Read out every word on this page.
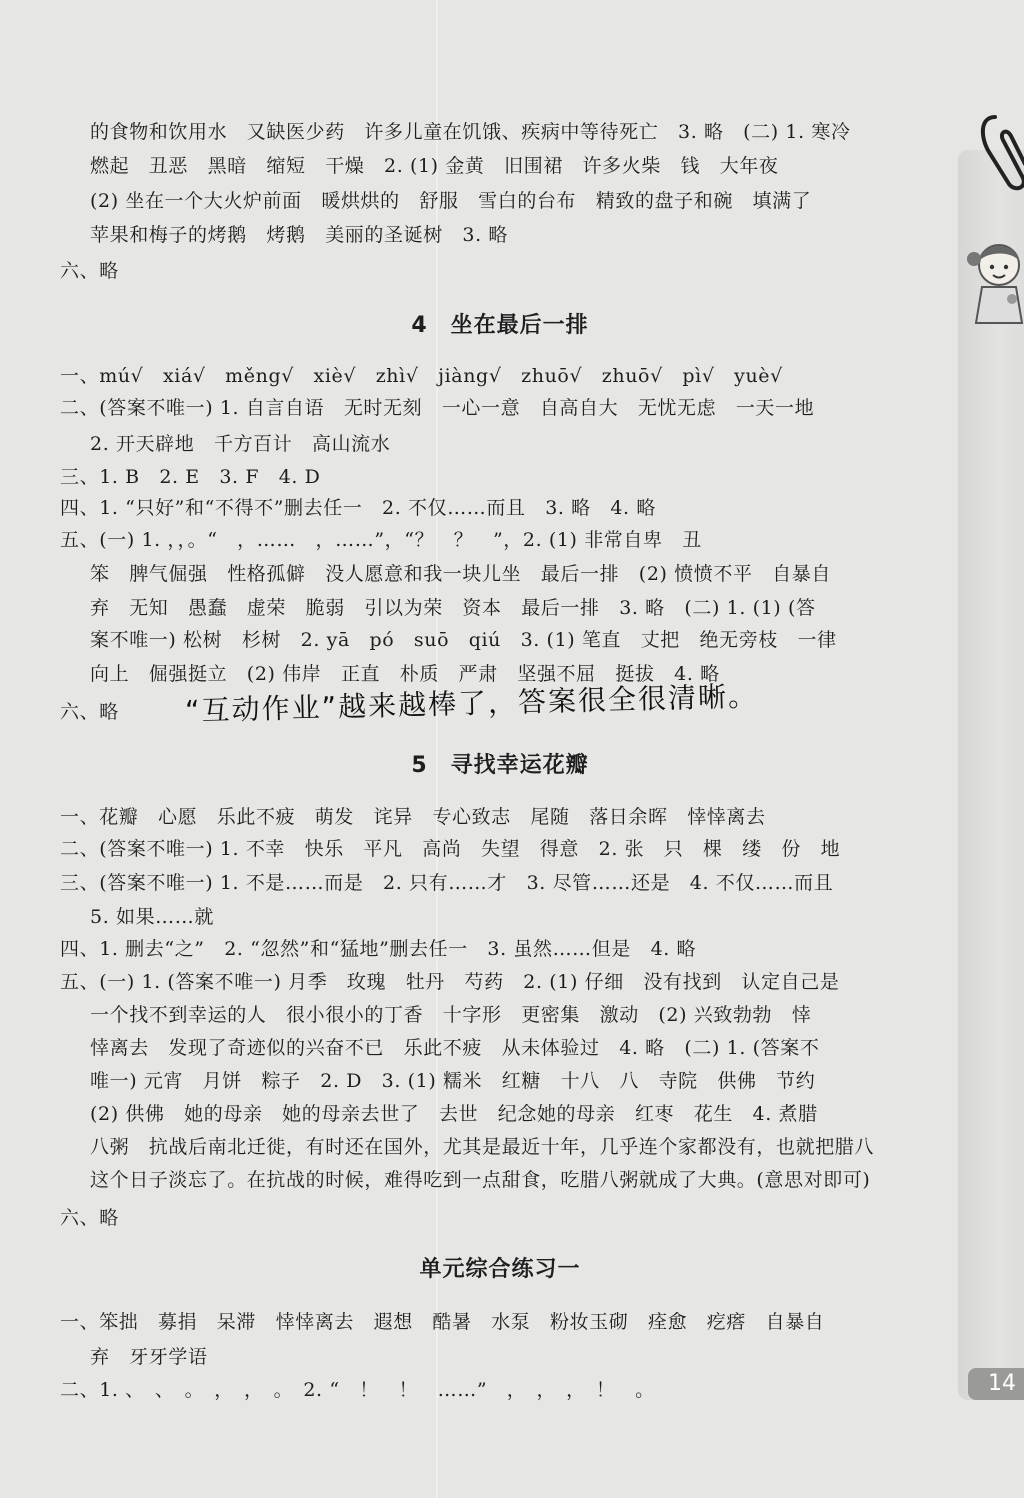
的食物和饮用水　又缺医少药　许多儿童在饥饿、疾病中等待死亡　3. 略　(二) 1. 寒冷
燃起　丑恶　黑暗　缩短　干燥　2. (1) 金黄　旧围裙　许多火柴　钱　大年夜
(2) 坐在一个大火炉前面　暖烘烘的　舒服　雪白的台布　精致的盘子和碗　填满了
苹果和梅子的烤鹅　烤鹅　美丽的圣诞树　3. 略
六、略
4　坐在最后一排
一、mú√　xiá√　měng√　xiè√　zhì√　jiàng√　zhuō√　zhuō√　pì√　yuè√
二、(答案不唯一) 1. 自言自语　无时无刻　一心一意　自高自大　无忧无虑　一天一地
2. 开天辟地　千方百计　高山流水
三、1. B　2. E　3. F　4. D
四、1. “只好”和“不得不”删去任一　2. 不仅……而且　3. 略　4. 略
五、(一) 1. ，，。“　，……　，……”，“？　？　”，2. (1) 非常自卑　丑
笨　脾气倔强　性格孤僻　没人愿意和我一块儿坐　最后一排　(2) 愤愤不平　自暴自
弃　无知　愚蠢　虚荣　脆弱　引以为荣　资本　最后一排　3. 略　(二) 1. (1) (答
案不唯一) 松树　杉树　2. yā　pó　suō　qiú　3. (1) 笔直　丈把　绝无旁枝　一律
向上　倔强挺立　(2) 伟岸　正直　朴质　严肃　坚强不屈　挺拔　4. 略
六、略
5　寻找幸运花瓣
一、花瓣　心愿　乐此不疲　萌发　诧异　专心致志　尾随　落日余晖　悻悻离去
二、(答案不唯一) 1. 不幸　快乐　平凡　高尚　失望　得意　2. 张　只　棵　缕　份　地
三、(答案不唯一) 1. 不是……而是　2. 只有……才　3. 尽管……还是　4. 不仅……而且
5. 如果……就
四、1. 删去“之”　2. “忽然”和“猛地”删去任一　3. 虽然……但是　4. 略
五、(一) 1. (答案不唯一) 月季　玫瑰　牡丹　芍药　2. (1) 仔细　没有找到　认定自己是
一个找不到幸运的人　很小很小的丁香　十字形　更密集　激动　(2) 兴致勃勃　悻
悻离去　发现了奇迹似的兴奋不已　乐此不疲　从未体验过　4. 略　(二) 1. (答案不
唯一) 元宵　月饼　粽子　2. D　3. (1) 糯米　红糖　十八　八　寺院　供佛　节约
(2) 供佛　她的母亲　她的母亲去世了　去世　纪念她的母亲　红枣　花生　4. 煮腊
八粥　抗战后南北迁徙，有时还在国外，尤其是最近十年，几乎连个家都没有，也就把腊八
这个日子淡忘了。在抗战的时候，难得吃到一点甜食，吃腊八粥就成了大典。(意思对即可)
六、略
单元综合练习一
一、笨拙　募捐　呆滞　悻悻离去　遐想　酷暑　水泵　粉妆玉砌　痊愈　疙瘩　自暴自
弃　牙牙学语
二、1. 、　、　。　，　，　。　2. “　！　！　……”　，　，　，　！　。
“互动作业”越来越棒了，答案很全很清晰。
14
